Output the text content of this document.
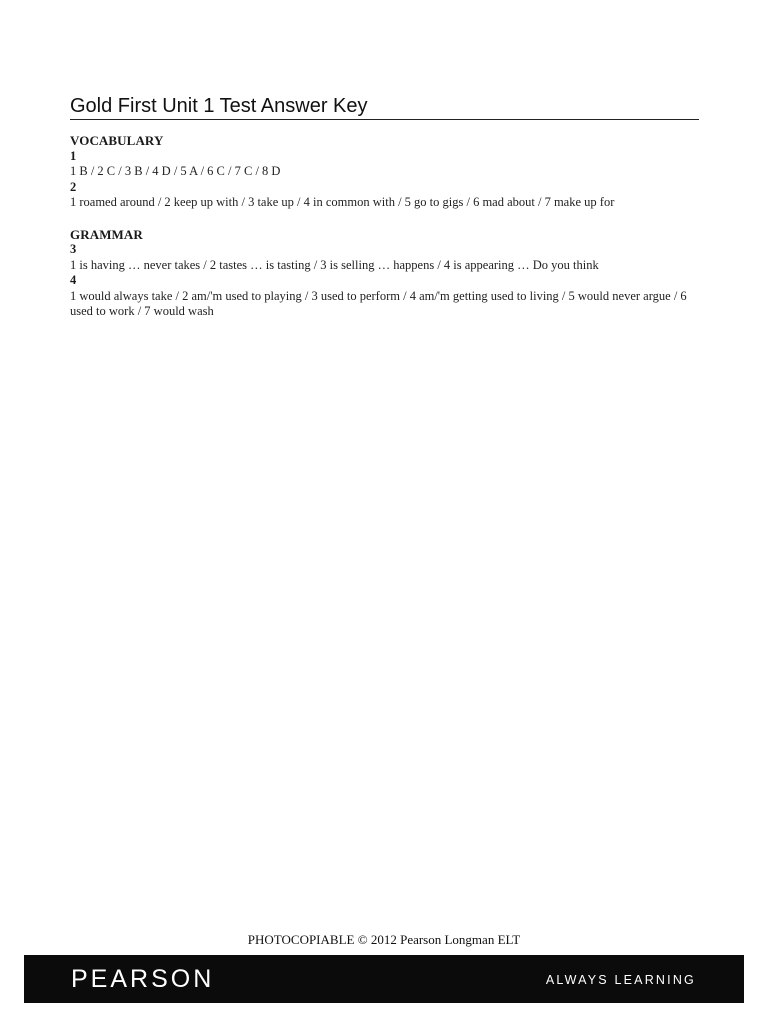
Gold First Unit 1 Test Answer Key
VOCABULARY
1
1 B / 2 C / 3 B / 4 D / 5 A / 6 C / 7 C / 8 D
2
1 roamed around / 2 keep up with / 3 take up / 4 in common with / 5 go to gigs / 6 mad about / 7 make up for
GRAMMAR
3
1 is having … never takes / 2 tastes … is tasting / 3 is selling … happens / 4 is appearing … Do you think
4
1 would always take / 2 am/'m used to playing / 3 used to perform / 4 am/'m getting used to living / 5 would never argue / 6 used to work / 7 would wash
PHOTOCOPIABLE © 2012 Pearson Longman ELT
PEARSON	ALWAYS LEARNING
